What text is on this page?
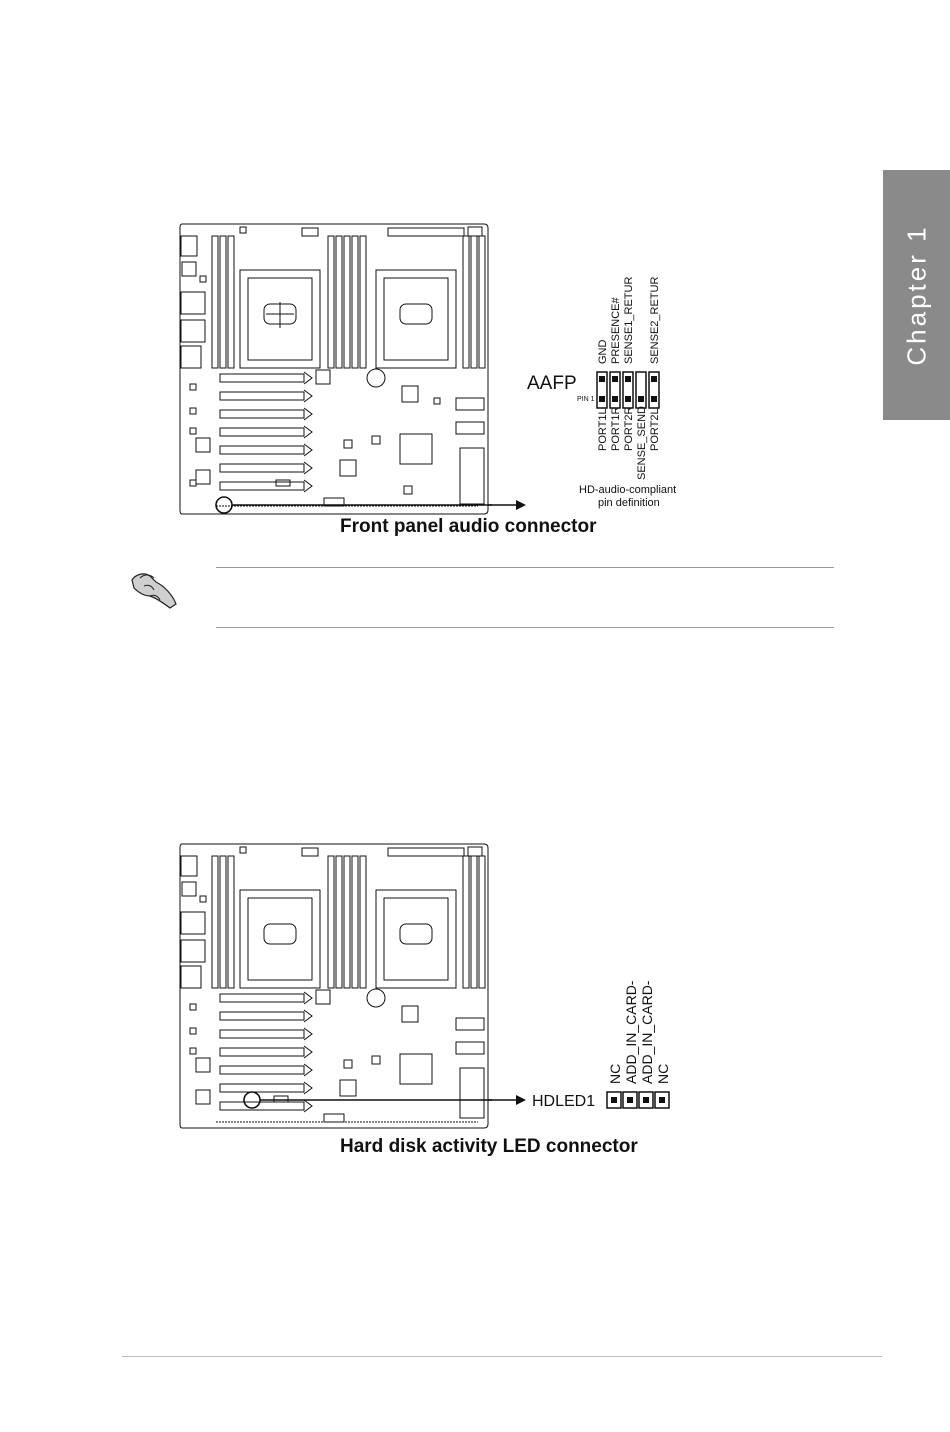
Chapter 1
AAFP
PIN 1
GND PRESENCE# SENSE1_RETUR SENSE2_RETUR
PORT1L PORT1R PORT2R SENSE_SEND PORT2L
HD-audio-compliant
pin definition
Front panel audio connector
HDLED1
NC ADD_IN_CARD- ADD_IN_CARD- NC
Hard disk activity LED connector
